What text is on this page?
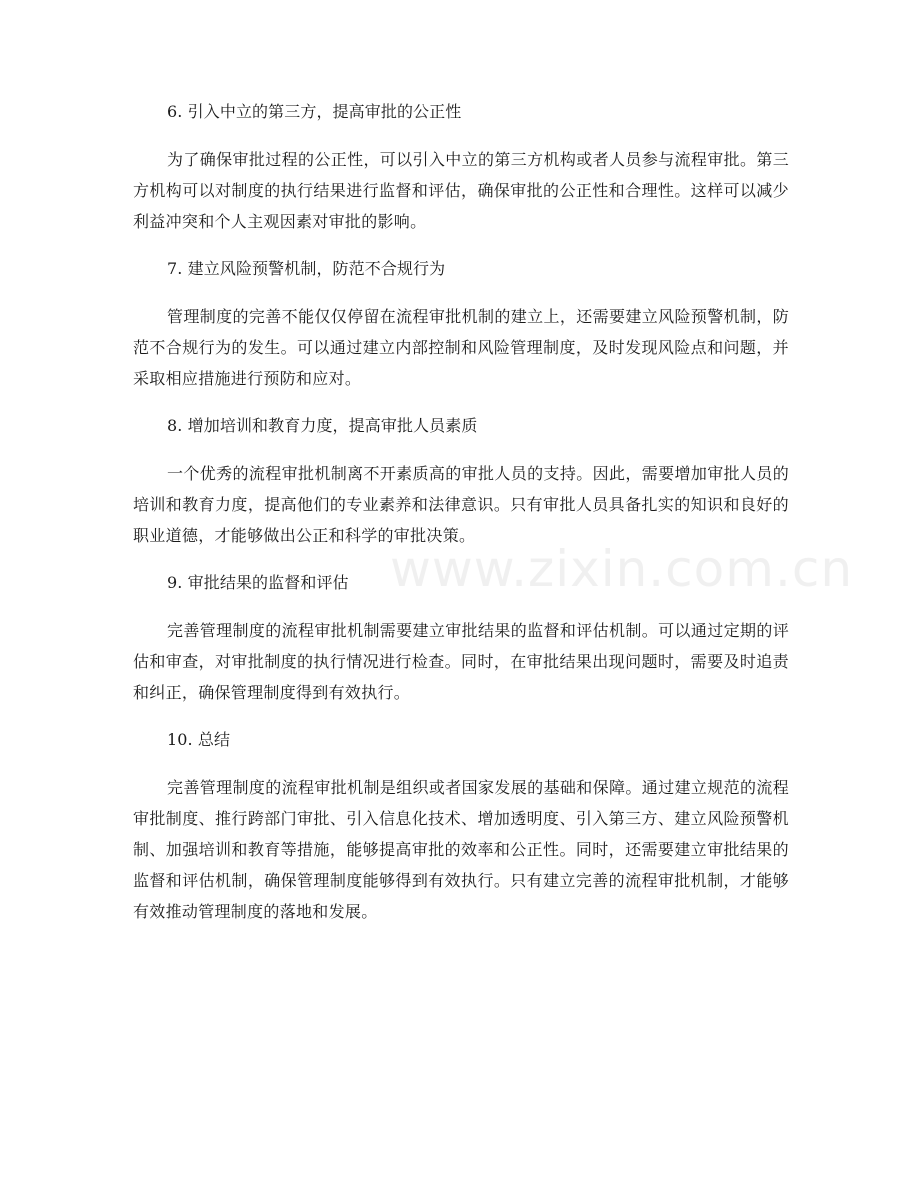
6. 引入中立的第三方，提高审批的公正性

为了确保审批过程的公正性，可以引入中立的第三方机构或者人员参与流程审批。第三方机构可以对制度的执行结果进行监督和评估，确保审批的公正性和合理性。这样可以减少利益冲突和个人主观因素对审批的影响。

7. 建立风险预警机制，防范不合规行为

管理制度的完善不能仅仅停留在流程审批机制的建立上，还需要建立风险预警机制，防范不合规行为的发生。可以通过建立内部控制和风险管理制度，及时发现风险点和问题，并采取相应措施进行预防和应对。

8. 增加培训和教育力度，提高审批人员素质

一个优秀的流程审批机制离不开素质高的审批人员的支持。因此，需要增加审批人员的培训和教育力度，提高他们的专业素养和法律意识。只有审批人员具备扎实的知识和良好的职业道德，才能够做出公正和科学的审批决策。

9. 审批结果的监督和评估

完善管理制度的流程审批机制需要建立审批结果的监督和评估机制。可以通过定期的评估和审查，对审批制度的执行情况进行检查。同时，在审批结果出现问题时，需要及时追责和纠正，确保管理制度得到有效执行。

10. 总结

完善管理制度的流程审批机制是组织或者国家发展的基础和保障。通过建立规范的流程审批制度、推行跨部门审批、引入信息化技术、增加透明度、引入第三方、建立风险预警机制、加强培训和教育等措施，能够提高审批的效率和公正性。同时，还需要建立审批结果的监督和评估机制，确保管理制度能够得到有效执行。只有建立完善的流程审批机制，才能够有效推动管理制度的落地和发展。

www.zixin.com.cn
